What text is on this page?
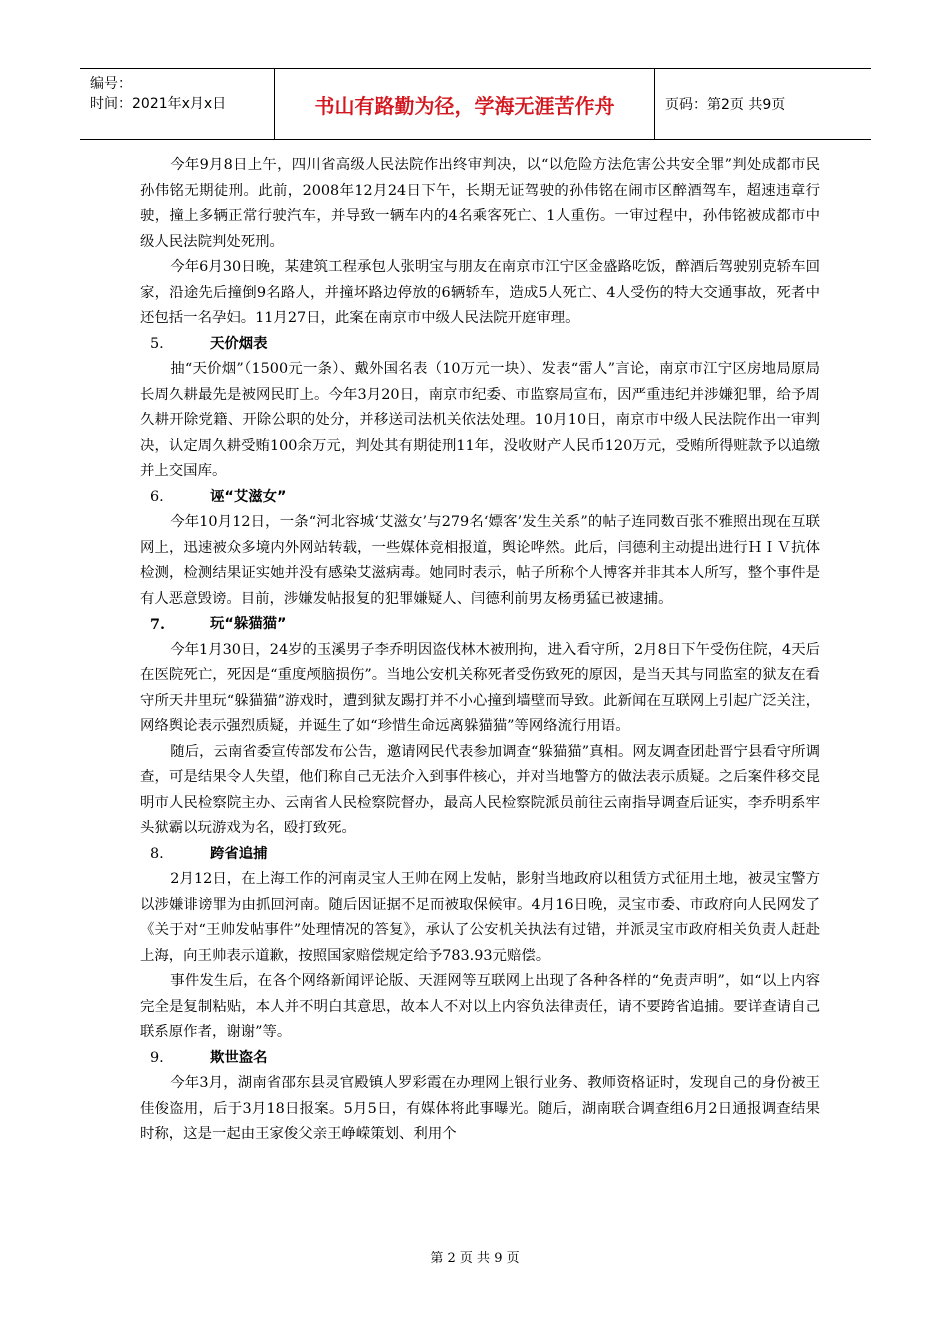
编号：
时间：2021年x月x日	书山有路勤为径，学海无涯苦作舟	页码：第2页 共9页

今年9月8日上午，四川省高级人民法院作出终审判决，以“以危险方法危害公共安全罪”判处成都市民孙伟铭无期徒刑。此前，2008年12月24日下午，长期无证驾驶的孙伟铭在闹市区醉酒驾车，超速违章行驶，撞上多辆正常行驶汽车，并导致一辆车内的4名乘客死亡、1人重伤。一审过程中，孙伟铭被成都市中级人民法院判处死刑。

今年6月30日晚，某建筑工程承包人张明宝与朋友在南京市江宁区金盛路吃饭，醉酒后驾驶别克轿车回家，沿途先后撞倒9名路人，并撞坏路边停放的6辆轿车，造成5人死亡、4人受伤的特大交通事故，死者中还包括一名孕妇。11月27日，此案在南京市中级人民法院开庭审理。

5.	天价烟表

抽“天价烟”（1500元一条）、戴外国名表（10万元一块）、发表“雷人”言论，南京市江宁区房地局原局长周久耕最先是被网民盯上。今年3月20日，南京市纪委、市监察局宣布，因严重违纪并涉嫌犯罪，给予周久耕开除党籍、开除公职的处分，并移送司法机关依法处理。10月10日，南京市中级人民法院作出一审判决，认定周久耕受贿100余万元，判处其有期徒刑11年，没收财产人民币120万元，受贿所得赃款予以追缴并上交国库。

6.	诬“艾滋女”

今年10月12日，一条“河北容城‘艾滋女’与279名‘嫖客’发生关系”的帖子连同数百张不雅照出现在互联网上，迅速被众多境内外网站转载，一些媒体竞相报道，舆论哗然。此后，闫德利主动提出进行ＨＩＶ抗体检测，检测结果证实她并没有感染艾滋病毒。她同时表示，帖子所称个人博客并非其本人所写，整个事件是有人恶意毁谤。目前，涉嫌发帖报复的犯罪嫌疑人、闫德利前男友杨勇猛已被逮捕。

7.	玩“躲猫猫”

今年1月30日，24岁的玉溪男子李乔明因盗伐林木被刑拘，进入看守所，2月8日下午受伤住院，4天后在医院死亡，死因是“重度颅脑损伤”。当地公安机关称死者受伤致死的原因，是当天其与同监室的狱友在看守所天井里玩“躲猫猫”游戏时，遭到狱友踢打并不小心撞到墙壁而导致。此新闻在互联网上引起广泛关注，网络舆论表示强烈质疑，并诞生了如“珍惜生命远离躲猫猫”等网络流行用语。

随后，云南省委宣传部发布公告，邀请网民代表参加调查“躲猫猫”真相。网友调查团赴晋宁县看守所调查，可是结果令人失望，他们称自己无法介入到事件核心，并对当地警方的做法表示质疑。之后案件移交昆明市人民检察院主办、云南省人民检察院督办，最高人民检察院派员前往云南指导调查后证实，李乔明系牢头狱霸以玩游戏为名，殴打致死。

8.	跨省追捕

2月12日，在上海工作的河南灵宝人王帅在网上发帖，影射当地政府以租赁方式征用土地，被灵宝警方以涉嫌诽谤罪为由抓回河南。随后因证据不足而被取保候审。4月16日晚，灵宝市委、市政府向人民网发了《关于对“王帅发帖事件”处理情况的答复》，承认了公安机关执法有过错，并派灵宝市政府相关负责人赶赴上海，向王帅表示道歉，按照国家赔偿规定给予783.93元赔偿。

事件发生后，在各个网络新闻评论版、天涯网等互联网上出现了各种各样的“免责声明”，如“以上内容完全是复制粘贴，本人并不明白其意思，故本人不对以上内容负法律责任，请不要跨省追捕。要详查请自己联系原作者，谢谢”等。

9.	欺世盗名

今年3月，湖南省邵东县灵官殿镇人罗彩霞在办理网上银行业务、教师资格证时，发现自己的身份被王佳俊盗用，后于3月18日报案。5月5日，有媒体将此事曝光。随后，湖南联合调查组6月2日通报调查结果时称，这是一起由王家俊父亲王峥嵘策划、利用个

第 2 页 共 9 页
